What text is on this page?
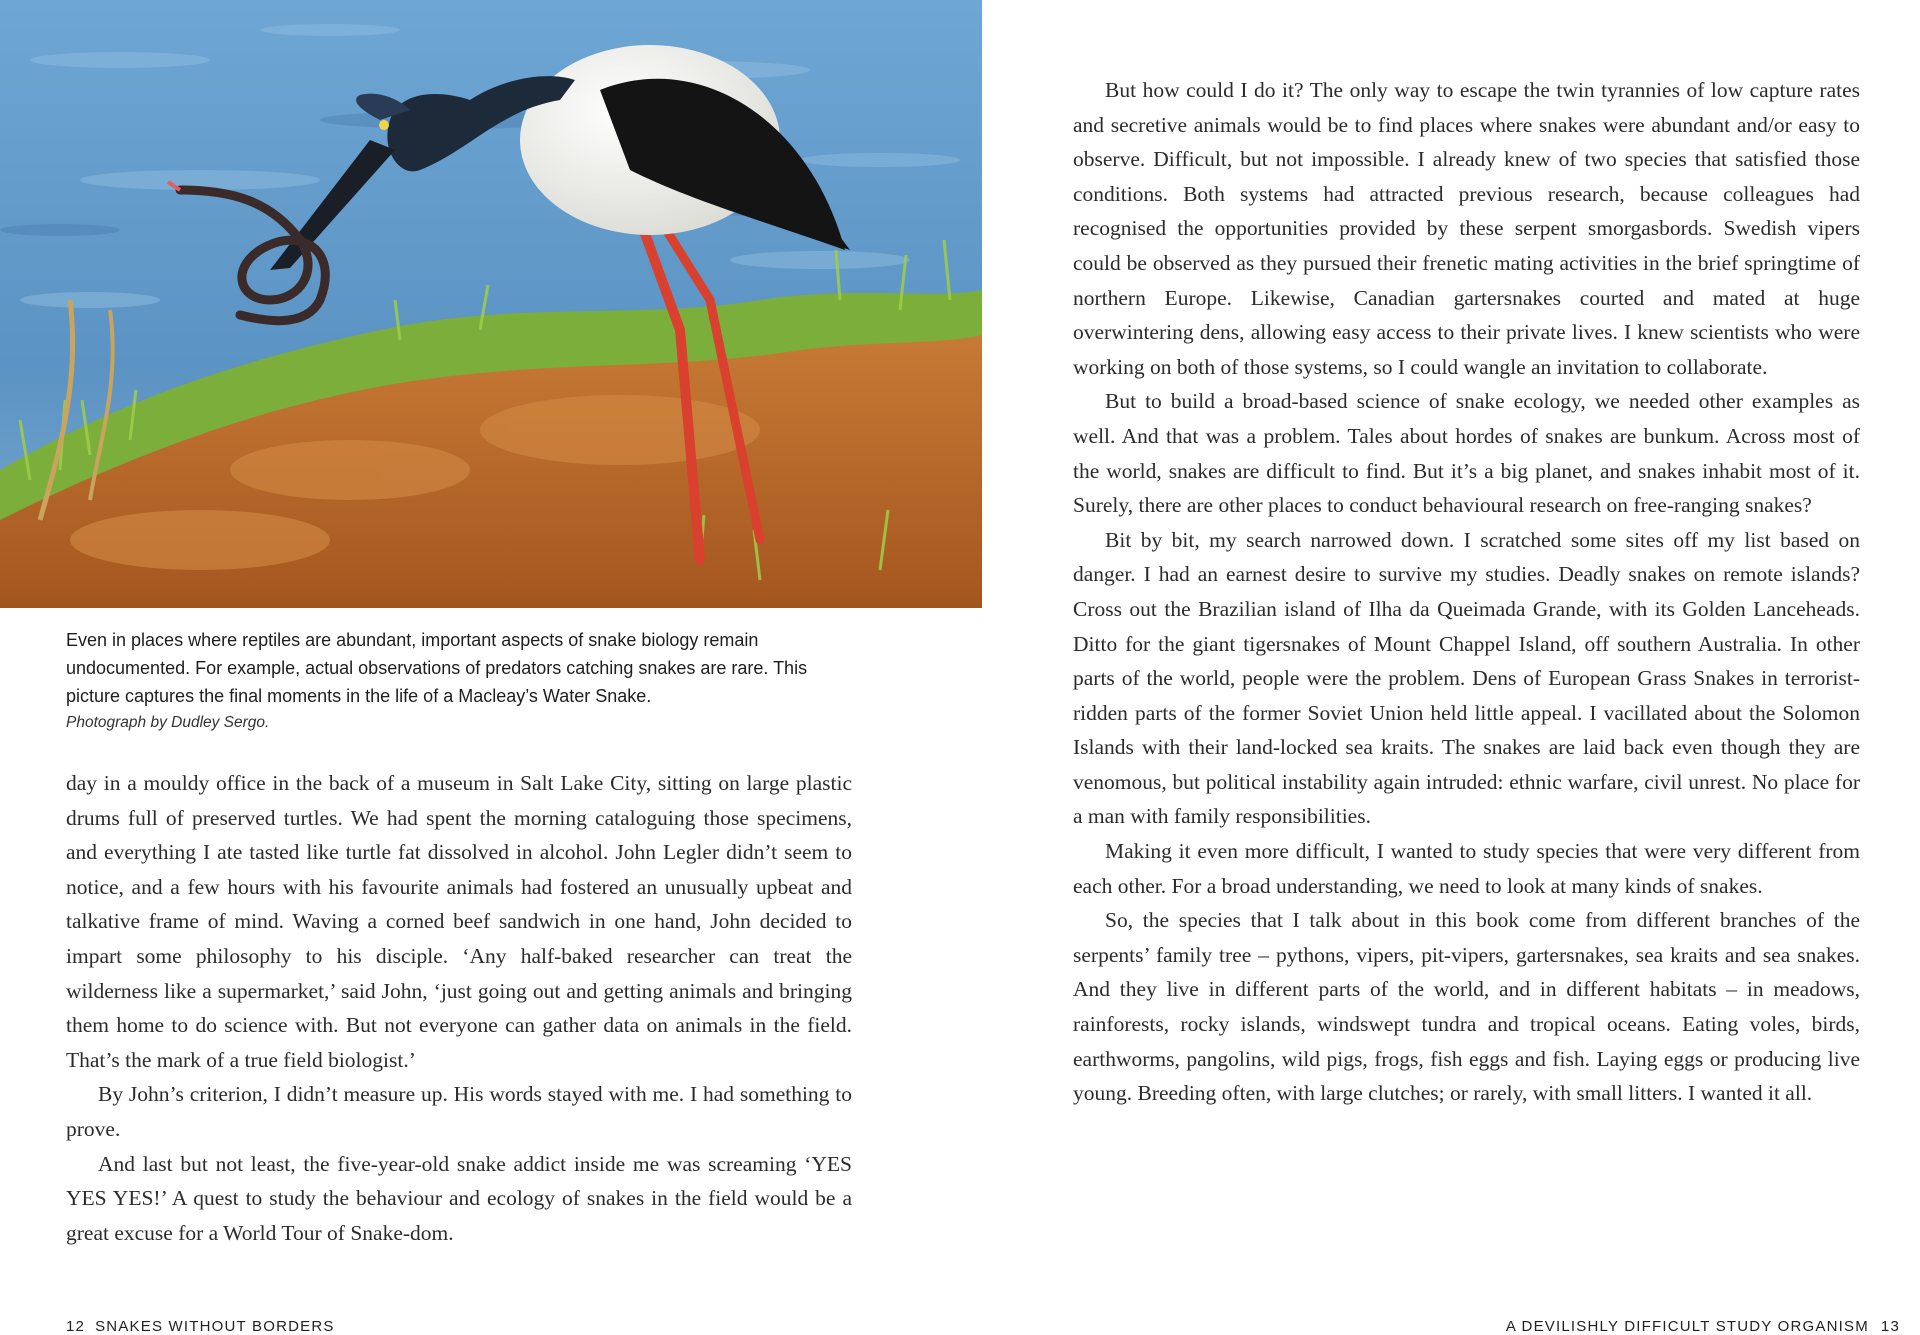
Even in places where reptiles are abundant, important aspects of snake biology remain undocumented. For example, actual observations of predators catching snakes are rare. This picture captures the final moments in the life of a Macleay’s Water Snake.

Photograph by Dudley Sergo.

day in a mouldy office in the back of a museum in Salt Lake City, sitting on large plastic drums full of preserved turtles. We had spent the morning cataloguing those specimens, and everything I ate tasted like turtle fat dissolved in alcohol. John Legler didn’t seem to notice, and a few hours with his favourite animals had fostered an unusually upbeat and talkative frame of mind. Waving a corned beef sandwich in one hand, John decided to impart some philosophy to his disciple. ‘Any half-baked researcher can treat the wilderness like a supermarket,’ said John, ‘just going out and getting animals and bringing them home to do science with. But not everyone can gather data on animals in the field. That’s the mark of a true field biologist.’

By John’s criterion, I didn’t measure up. His words stayed with me. I had something to prove.

And last but not least, the five-year-old snake addict inside me was screaming ‘YES YES YES!’ A quest to study the behaviour and ecology of snakes in the field would be a great excuse for a World Tour of Snake-dom.

12 SNAKES WITHOUT BORDERS

But how could I do it? The only way to escape the twin tyrannies of low capture rates and secretive animals would be to find places where snakes were abundant and/or easy to observe. Difficult, but not impossible. I already knew of two species that satisfied those conditions. Both systems had attracted previous research, because colleagues had recognised the opportunities provided by these serpent smorgasbords. Swedish vipers could be observed as they pursued their frenetic mating activities in the brief springtime of northern Europe. Likewise, Canadian gartersnakes courted and mated at huge overwintering dens, allowing easy access to their private lives. I knew scientists who were working on both of those systems, so I could wangle an invitation to collaborate.

But to build a broad-based science of snake ecology, we needed other examples as well. And that was a problem. Tales about hordes of snakes are bunkum. Across most of the world, snakes are difficult to find. But it’s a big planet, and snakes inhabit most of it. Surely, there are other places to conduct behavioural research on free-ranging snakes?

Bit by bit, my search narrowed down. I scratched some sites off my list based on danger. I had an earnest desire to survive my studies. Deadly snakes on remote islands? Cross out the Brazilian island of Ilha da Queimada Grande, with its Golden Lanceheads. Ditto for the giant tigersnakes of Mount Chappel Island, off southern Australia. In other parts of the world, people were the problem. Dens of European Grass Snakes in terrorist-ridden parts of the former Soviet Union held little appeal. I vacillated about the Solomon Islands with their land-locked sea kraits. The snakes are laid back even though they are venomous, but political instability again intruded: ethnic warfare, civil unrest. No place for a man with family responsibilities.

Making it even more difficult, I wanted to study species that were very different from each other. For a broad understanding, we need to look at many kinds of snakes.

So, the species that I talk about in this book come from different branches of the serpents’ family tree – pythons, vipers, pit-vipers, gartersnakes, sea kraits and sea snakes. And they live in different parts of the world, and in different habitats – in meadows, rainforests, rocky islands, windswept tundra and tropical oceans. Eating voles, birds, earthworms, pangolins, wild pigs, frogs, fish eggs and fish. Laying eggs or producing live young. Breeding often, with large clutches; or rarely, with small litters. I wanted it all.

A DEVILISHLY DIFFICULT STUDY ORGANISM 13
